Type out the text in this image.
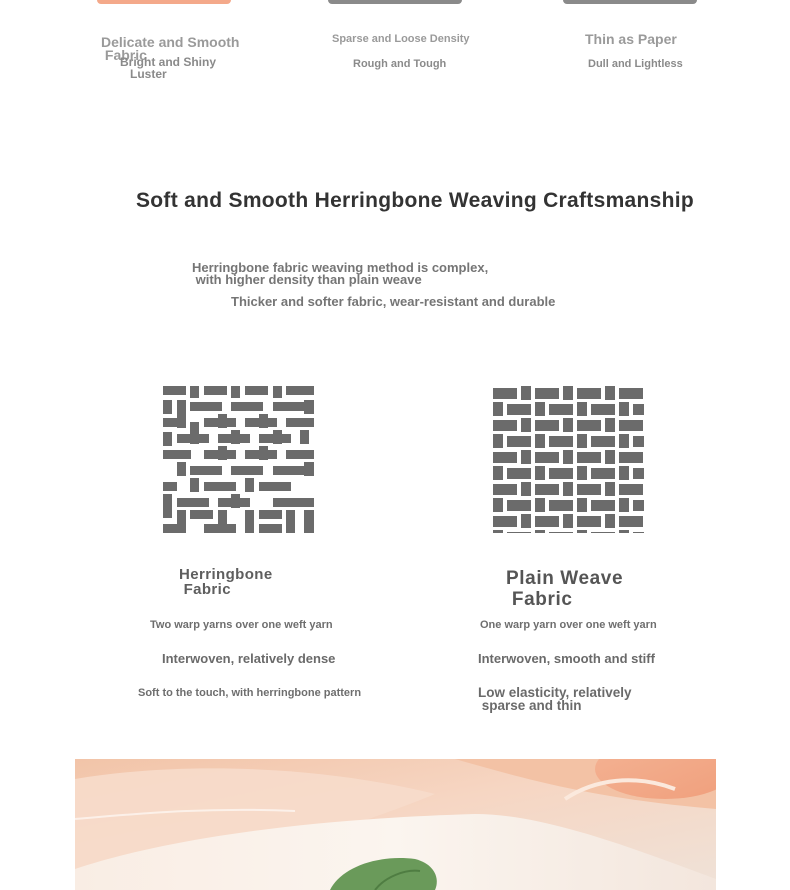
Delicate and Smooth
Fabric
Bright and Shiny
Luster
Sparse and Loose Density
Rough and Tough
Thin as Paper
Dull and Lightless
Soft and Smooth Herringbone Weaving Craftsmanship
Herringbone fabric weaving method is complex,
with higher density than plain weave
Thicker and softer fabric, wear-resistant and durable
Herringbone
Fabric
Plain Weave
Fabric
Two warp yarns over one weft yarn
Interwoven, relatively dense
Soft to the touch, with herringbone pattern
One warp yarn over one weft yarn
Interwoven, smooth and stiff
Low elasticity, relatively
sparse and thin
